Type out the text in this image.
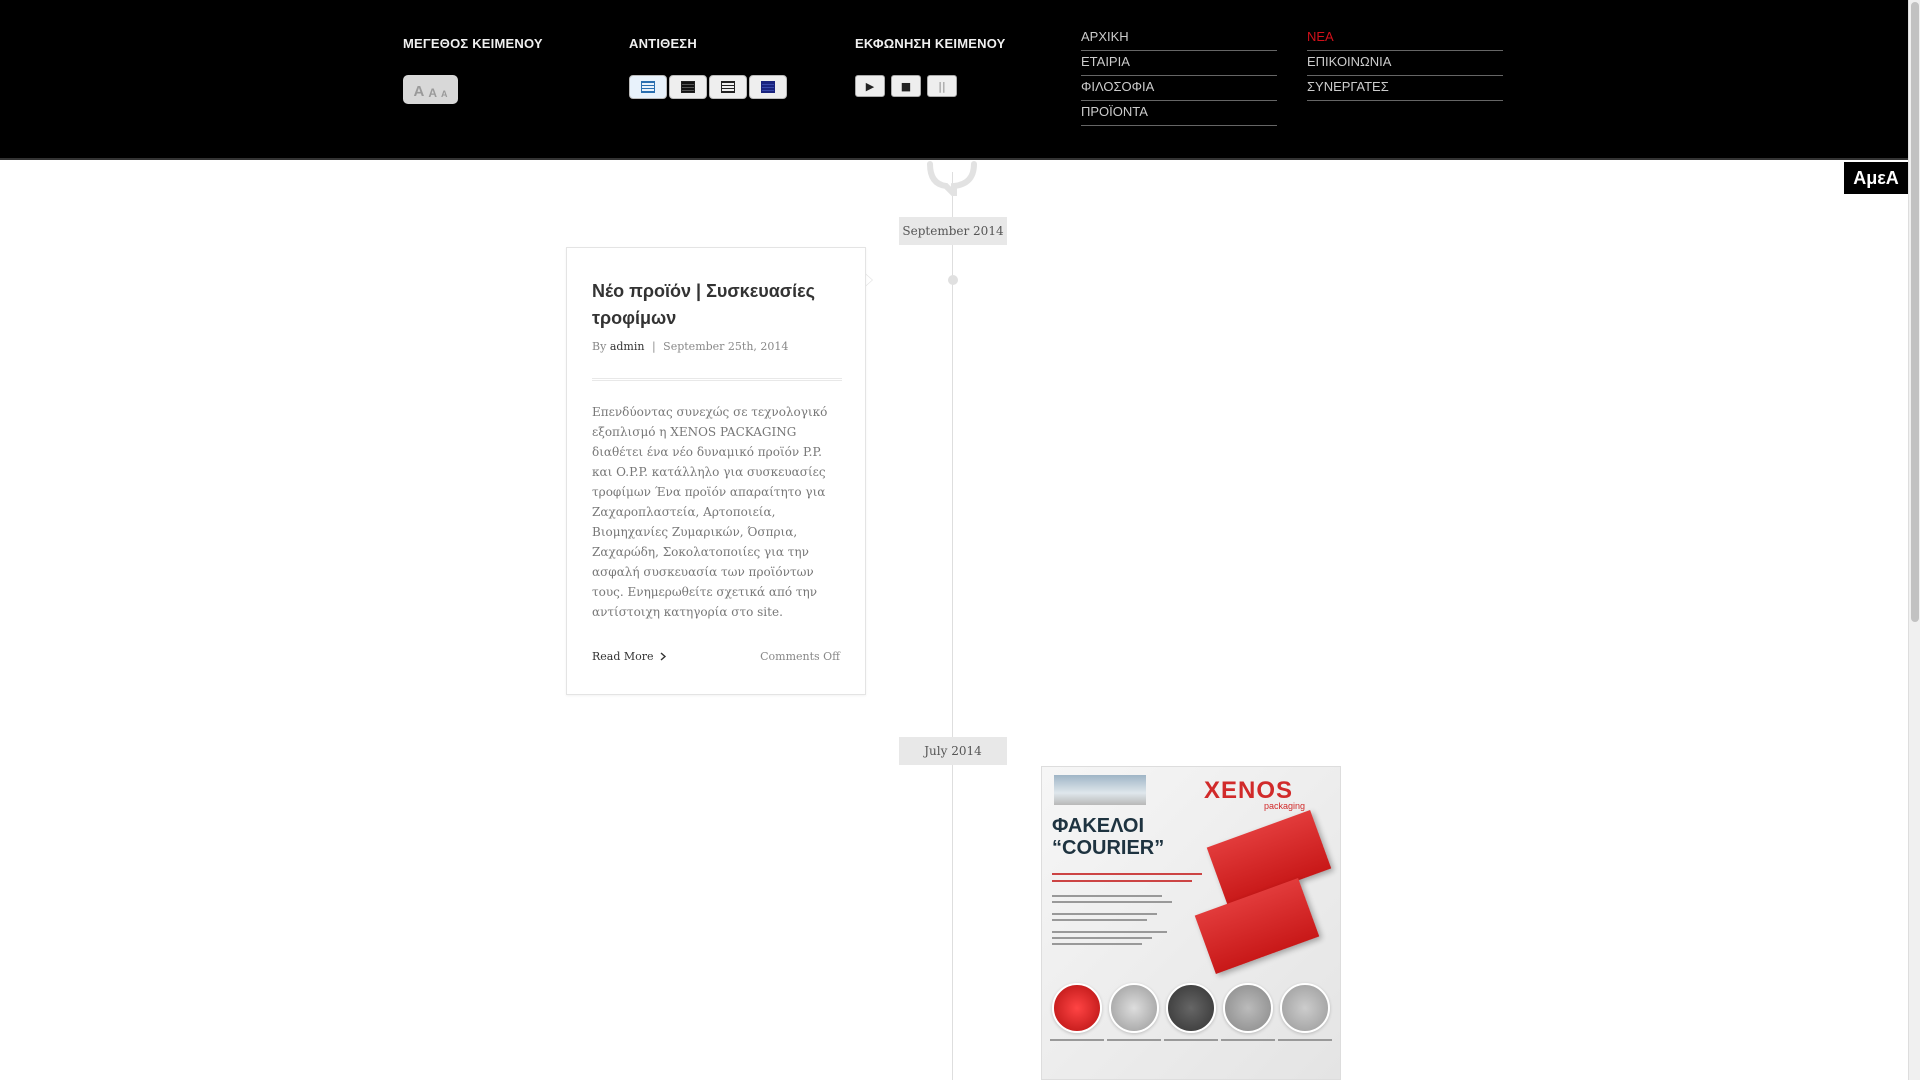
ΜΕΓΕΘΟΣ ΚΕΙΜΕΝΟΥ
A A A
ΑΝΤΙΘΕΣΗ	ΕΚΦΩΝΗΣΗ ΚΕΙΜΕΝΟΥ
▶	■	||
ΑΡΧΙΚΗ
ΕΤΑΙΡΙΑ
ΦΙΛΟΣΟΦΙΑ
ΠΡΟΪΟΝΤΑ
ΝΕΑ
ΕΠΙΚΟΙΝΩΝΙΑ
ΣΥΝΕΡΓΑΤΕΣ
ΑμεΑ
September 2014
Νέο προϊόν | Συσκευασίες τροφίμων
By admin | September 25th, 2014

Επενδύοντας συνεχώς σε τεχνολογικό εξοπλισμό η XENOS PACKAGING διαθέτει ένα νέο δυναμικό προϊόν P.P. και O.P.P. κατάλληλο για συσκευασίες τροφίμων Ένα προϊόν απαραίτητο για Ζαχαροπλαστεία, Αρτοποιεία, Βιομηχανίες Ζυμαρικών, Όσπρια, Ζαχαρώδη, Σοκολατοποιίες για την ασφαλή συσκευασία των προϊόντων τους. Ενημερωθείτε σχετικά από την αντίστοιχη κατηγορία στο site.

Read More	Comments Off
July 2014
XENOS
packaging
ΦΑΚΕΛΟΙ
“COURIER”
